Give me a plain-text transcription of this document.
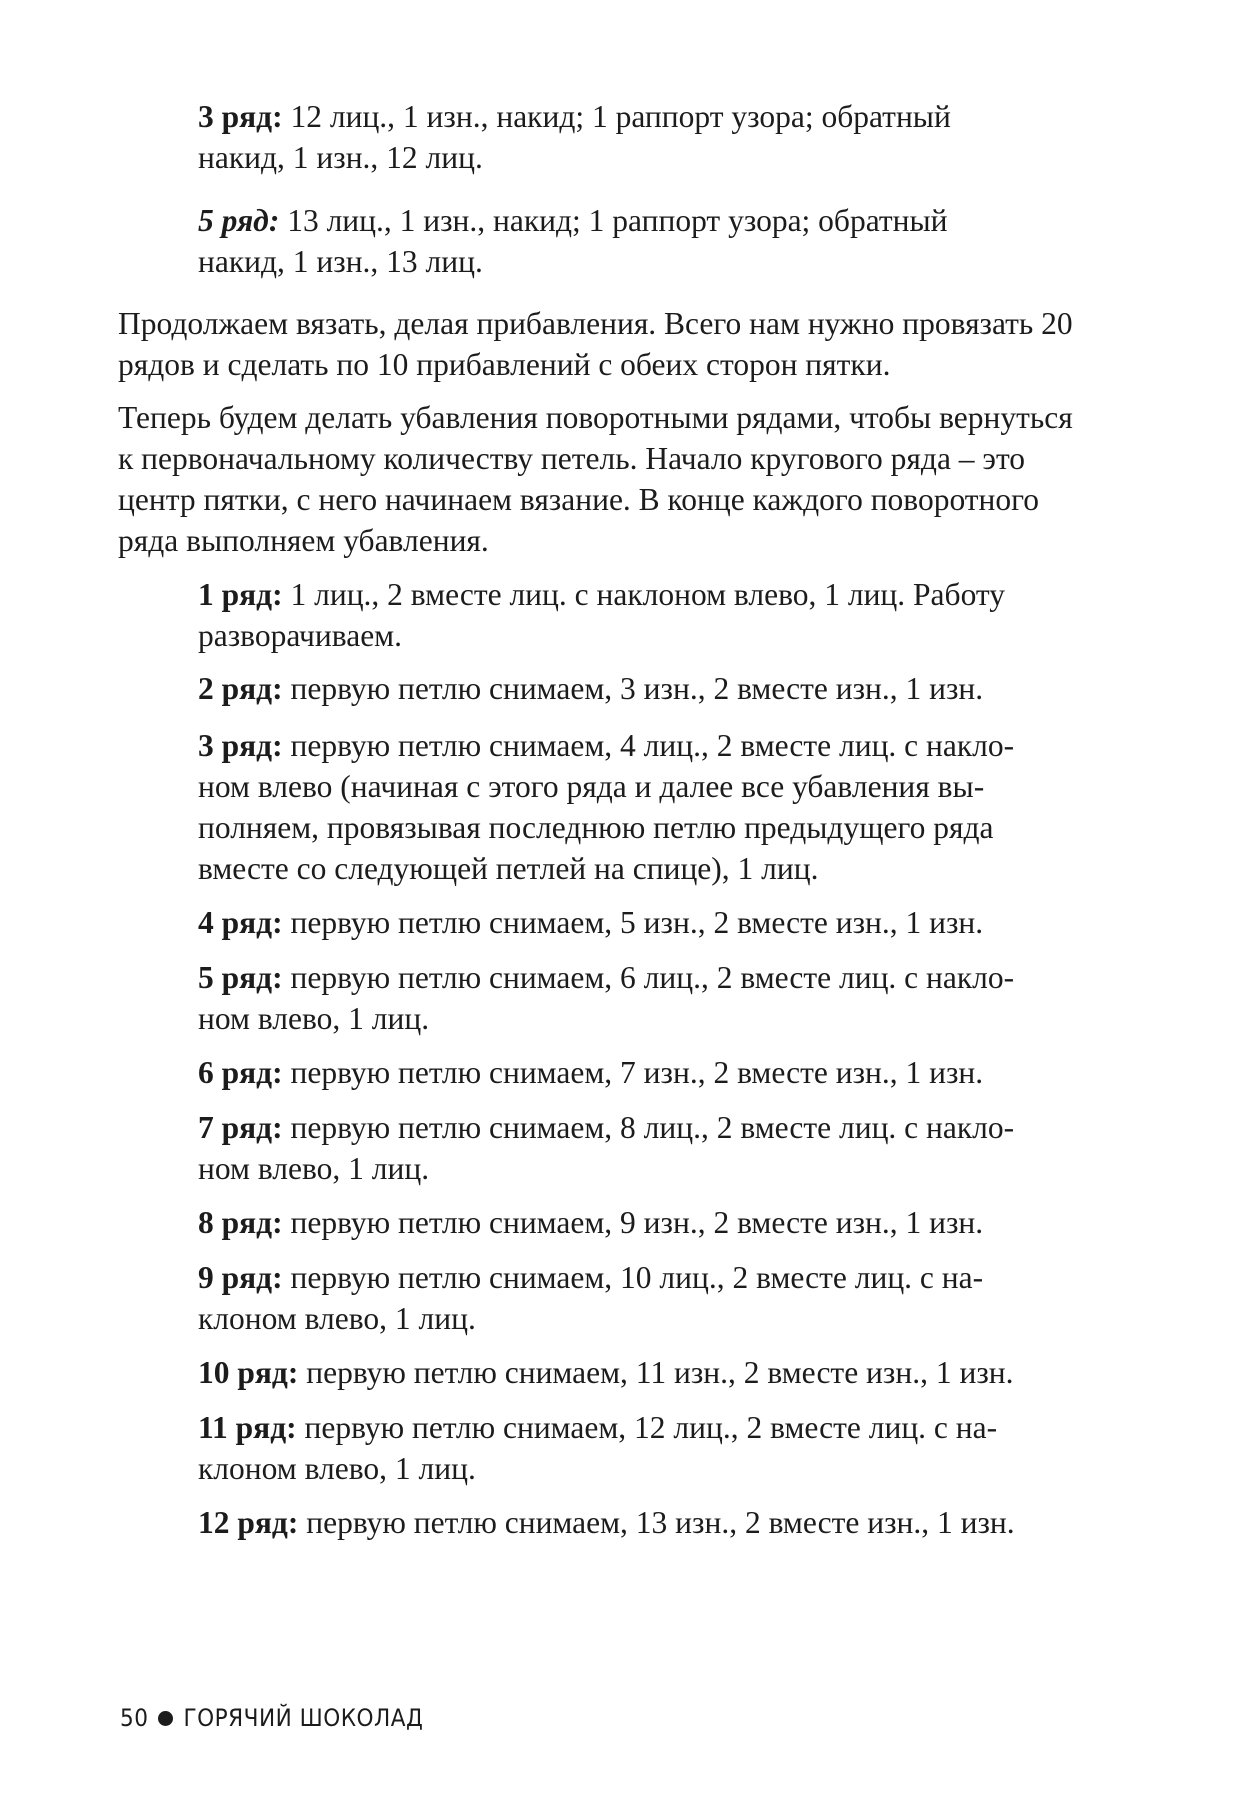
3 ряд: 12 лиц., 1 изн., накид; 1 раппорт узора; обратный
накид, 1 изн., 12 лиц.

5 ряд: 13 лиц., 1 изн., накид; 1 раппорт узора; обратный
накид, 1 изн., 13 лиц.

Продолжаем вязать, делая прибавления. Всего нам нужно провязать 20
рядов и сделать по 10 прибавлений с обеих сторон пятки.

Теперь будем делать убавления поворотными рядами, чтобы вернуться
к первоначальному количеству петель. Начало кругового ряда – это
центр пятки, с него начинаем вязание. В конце каждого поворотного
ряда выполняем убавления.

1 ряд: 1 лиц., 2 вместе лиц. с наклоном влево, 1 лиц. Работу
разворачиваем.

2 ряд: первую петлю снимаем, 3 изн., 2 вместе изн., 1 изн.

3 ряд: первую петлю снимаем, 4 лиц., 2 вместе лиц. с накло-
ном влево (начиная с этого ряда и далее все убавления вы-
полняем, провязывая последнюю петлю предыдущего ряда
вместе со следующей петлей на спице), 1 лиц.

4 ряд: первую петлю снимаем, 5 изн., 2 вместе изн., 1 изн.

5 ряд: первую петлю снимаем, 6 лиц., 2 вместе лиц. с накло-
ном влево, 1 лиц.

6 ряд: первую петлю снимаем, 7 изн., 2 вместе изн., 1 изн.

7 ряд: первую петлю снимаем, 8 лиц., 2 вместе лиц. с накло-
ном влево, 1 лиц.

8 ряд: первую петлю снимаем, 9 изн., 2 вместе изн., 1 изн.

9 ряд: первую петлю снимаем, 10 лиц., 2 вместе лиц. с на-
клоном влево, 1 лиц.

10 ряд: первую петлю снимаем, 11 изн., 2 вместе изн., 1 изн.

11 ряд: первую петлю снимаем, 12 лиц., 2 вместе лиц. с на-
клоном влево, 1 лиц.

12 ряд: первую петлю снимаем, 13 изн., 2 вместе изн., 1 изн.

50 ГОРЯЧИЙ ШОКОЛАД
